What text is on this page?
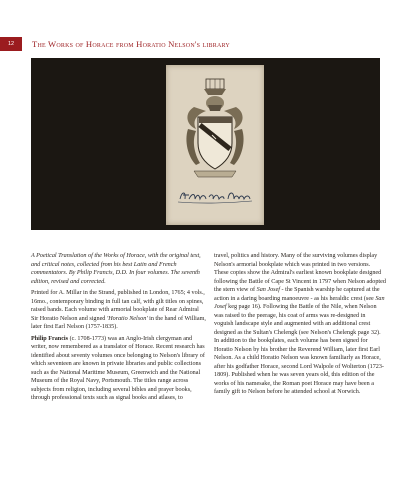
12	The Works of Horace from Horatio Nelson's library

A Poetical Translation of the Works of Horace, with the original text, and critical notes, collected from his best Latin and French commentators. By Philip Francis, D.D. In four volumes. The seventh edition, revised and corrected.

Printed for A. Millar in the Strand, published in London, 1765; 4 vols., 16mo., contemporary binding in full tan calf, with gilt titles on spines, raised bands. Each volume with armorial bookplate of Rear Admiral Sir Horatio Nelson and signed 'Horatio Nelson' in the hand of William, later first Earl Nelson (1757-1835).

Philip Francis (c. 1708-1773) was an Anglo-Irish clergyman and writer, now remembered as a translator of Horace. Recent research has identified about seventy volumes once belonging to Nelson's library of which seventeen are known in private libraries and public collections such as the National Maritime Museum, Greenwich and the National Museum of the Royal Navy, Portsmouth. The titles range across subjects from religion, including several bibles and prayer books, through professional texts such as signal books and atlases, to

travel, politics and history. Many of the surviving volumes display Nelson's armorial bookplate which was printed in two versions. These copies show the Admiral's earliest known bookplate designed following the Battle of Cape St Vincent in 1797 when Nelson adopted the stern view of San Josef - the Spanish warship he captured at the action in a daring boarding manoeuvre - as his heraldic crest (see San Josef keg page 16). Following the Battle of the Nile, when Nelson was raised to the peerage, his coat of arms was re-designed in voguish landscape style and augmented with an additional crest designed as the Sultan's Chelengk (see Nelson's Chelengk page 32). In addition to the bookplates, each volume has been signed for Horatio Nelson by his brother the Reverend William, later first Earl Nelson. As a child Horatio Nelson was known familiarly as Horace, after his godfather Horace, second Lord Walpole of Wolterton (1723-1809). Published when he was seven years old, this edition of the works of his namesake, the Roman poet Horace may have been a family gift to Nelson before he attended school at Norwich.
